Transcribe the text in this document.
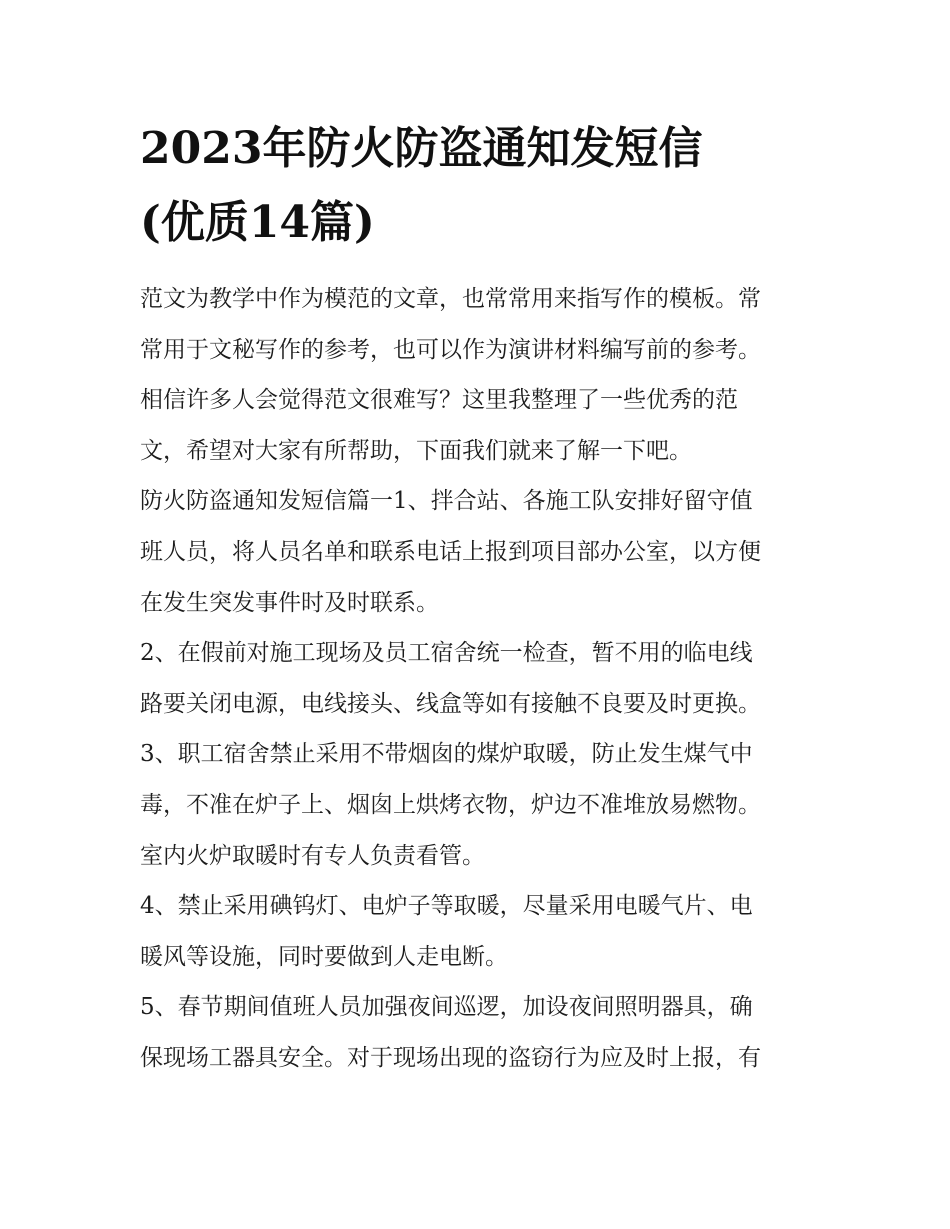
2023年防火防盗通知发短信
(优质14篇)

范文为教学中作为模范的文章，也常常用来指写作的模板。常
常用于文秘写作的参考，也可以作为演讲材料编写前的参考。
相信许多人会觉得范文很难写？这里我整理了一些优秀的范
文，希望对大家有所帮助，下面我们就来了解一下吧。

防火防盗通知发短信篇一1、拌合站、各施工队安排好留守值
班人员，将人员名单和联系电话上报到项目部办公室，以方便
在发生突发事件时及时联系。

2、在假前对施工现场及员工宿舍统一检查，暂不用的临电线
路要关闭电源，电线接头、线盒等如有接触不良要及时更换。

3、职工宿舍禁止采用不带烟囱的煤炉取暖，防止发生煤气中
毒，不准在炉子上、烟囱上烘烤衣物，炉边不准堆放易燃物。
室内火炉取暖时有专人负责看管。

4、禁止采用碘钨灯、电炉子等取暖，尽量采用电暖气片、电
暖风等设施，同时要做到人走电断。

5、春节期间值班人员加强夜间巡逻，加设夜间照明器具，确
保现场工器具安全。对于现场出现的盗窃行为应及时上报，有
